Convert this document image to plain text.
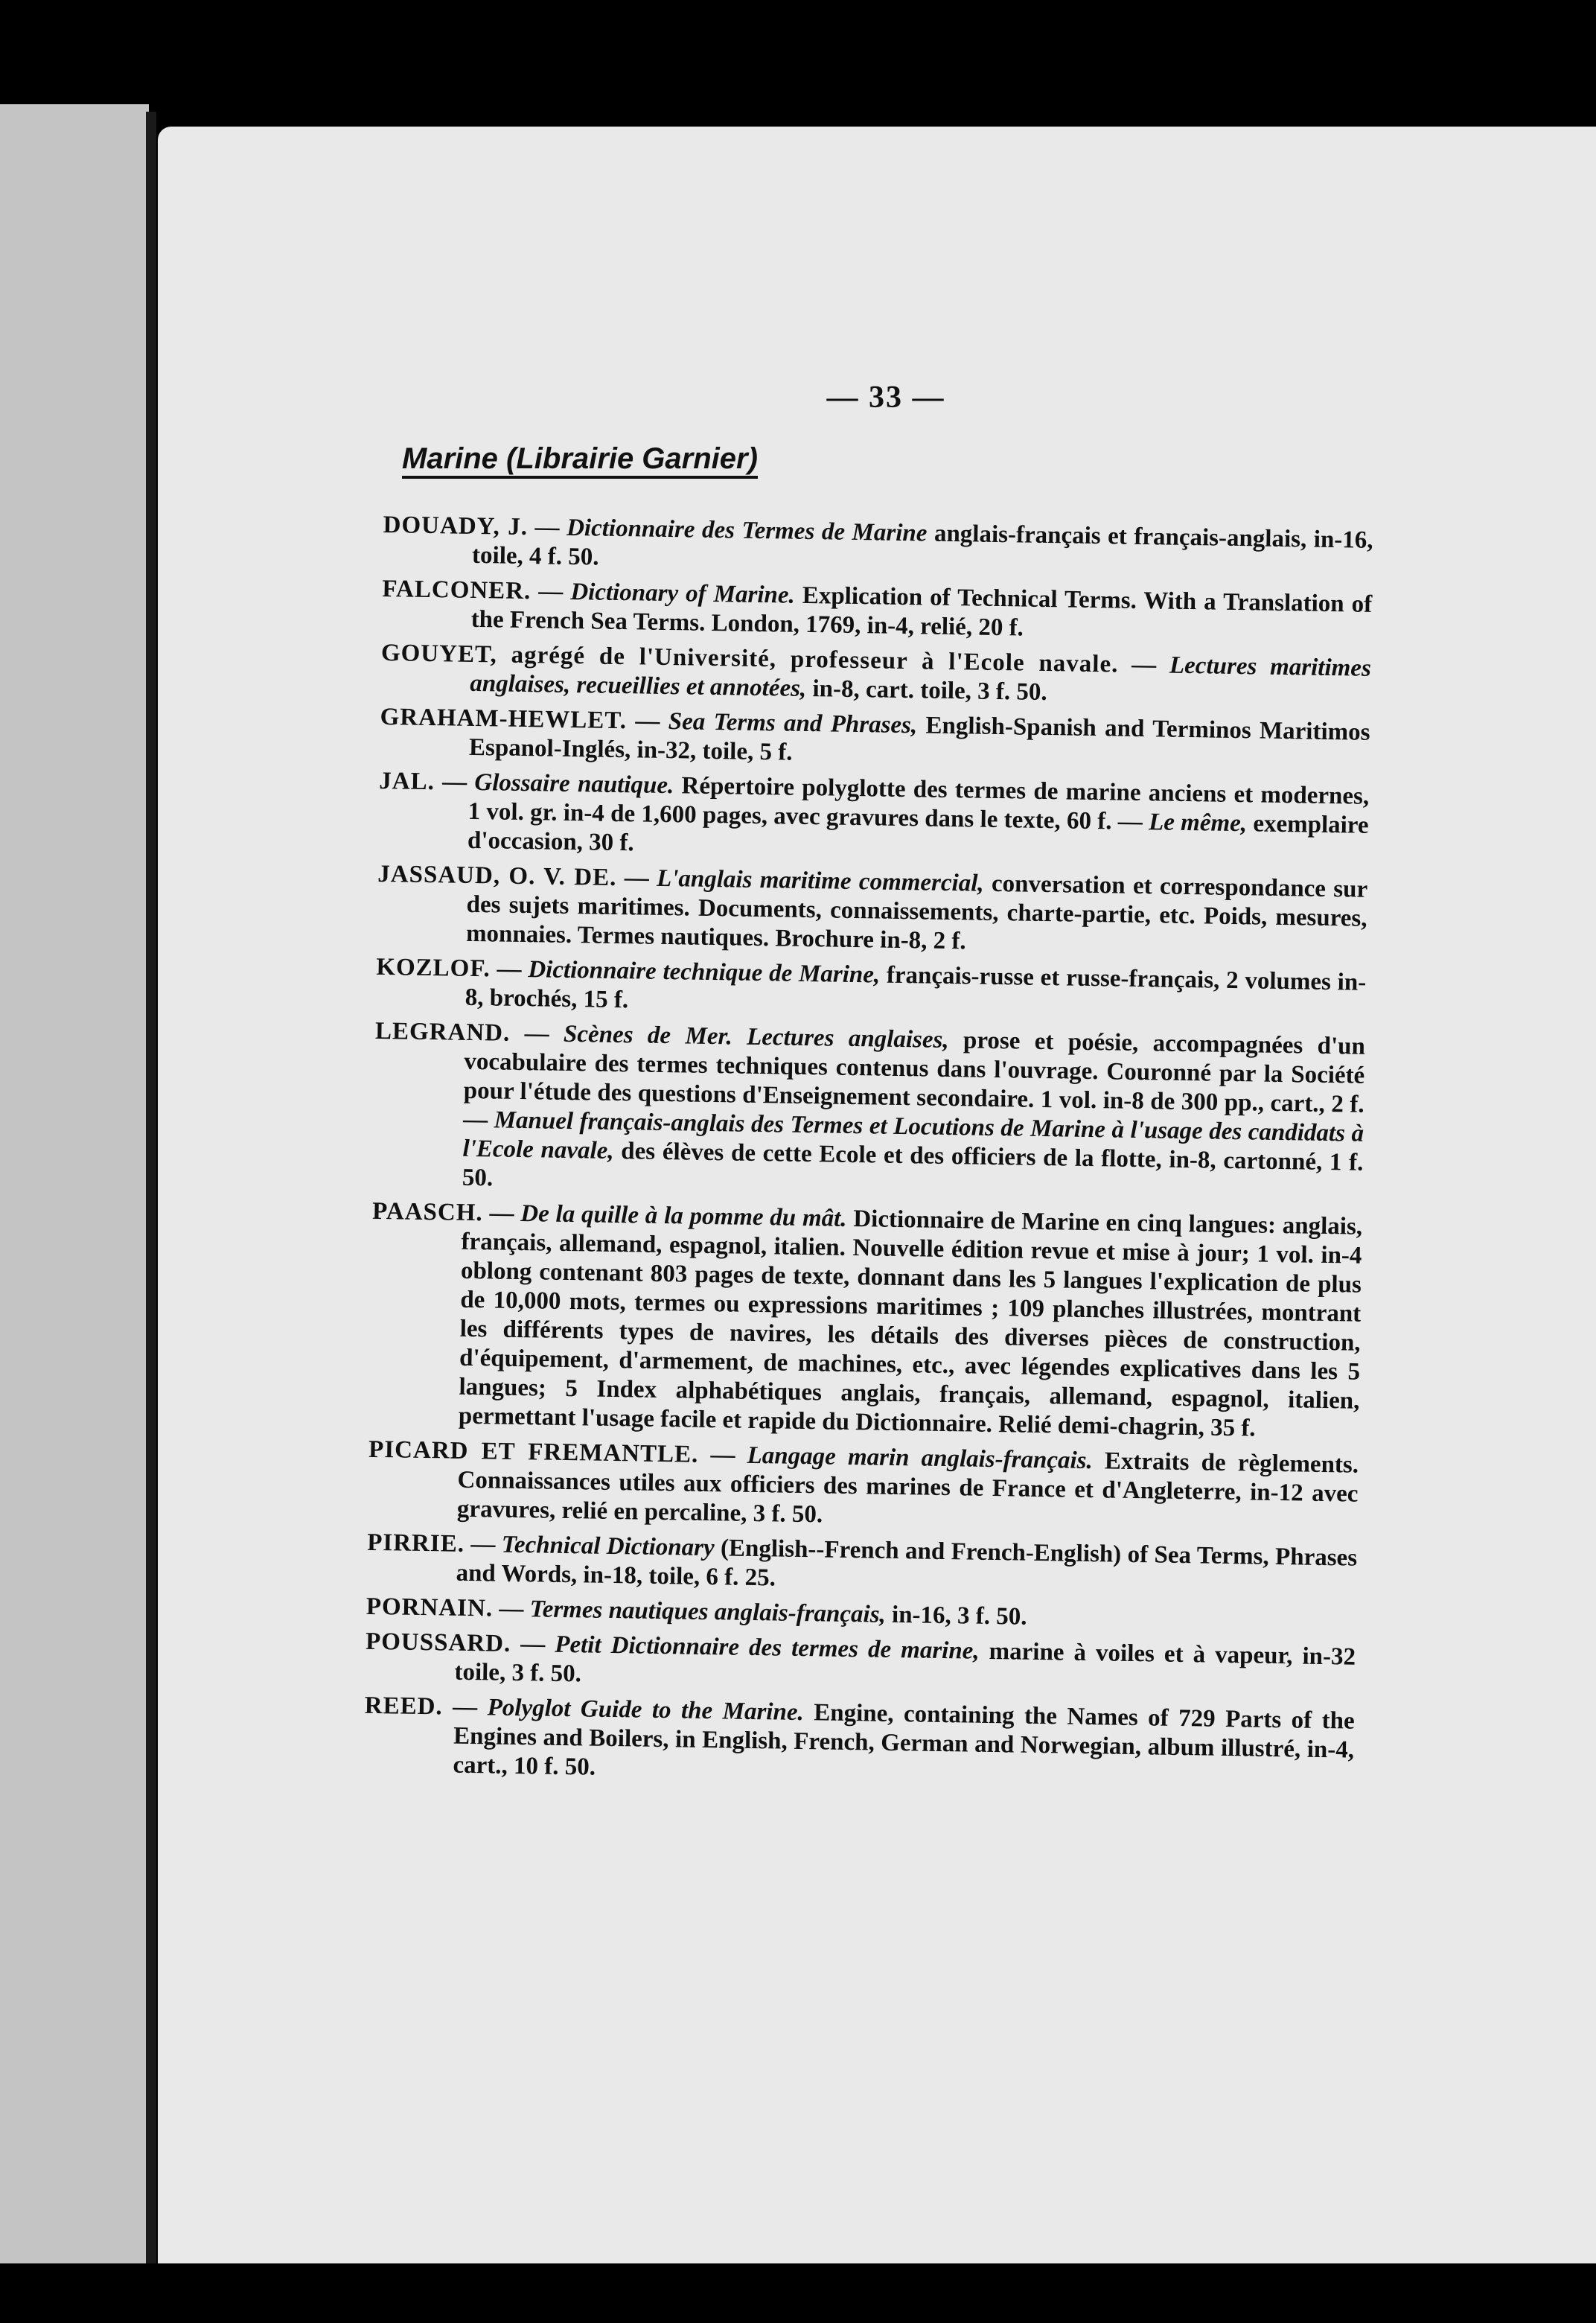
— 33 —
Marine (Librairie Garnier)

DOUADY, J. — Dictionnaire des Termes de Marine anglais-français et français-anglais, in-16, toile, 4 f. 50.

FALCONER. — Dictionary of Marine. Explication of Technical Terms. With a Translation of the French Sea Terms. London, 1769, in-4, relié, 20 f.

GOUYET, agrégé de l'Université, professeur à l'Ecole navale. — Lectures maritimes anglaises, recueillies et annotées, in-8, cart. toile, 3 f. 50.

GRAHAM-HEWLET. — Sea Terms and Phrases, English-Spanish and Terminos Maritimos Espanol-Inglés, in-32, toile, 5 f.

JAL. — Glossaire nautique. Répertoire polyglotte des termes de marine anciens et modernes, 1 vol. gr. in-4 de 1,600 pages, avec gravures dans le texte, 60 f. — Le même, exemplaire d'occasion, 30 f.

JASSAUD, O. V. DE. — L'anglais maritime commercial, conversation et correspondance sur des sujets maritimes. Documents, connaissements, charte-partie, etc. Poids, mesures, monnaies. Termes nautiques. Brochure in-8, 2 f.

KOZLOF. — Dictionnaire technique de Marine, français-russe et russe-français, 2 volumes in-8, brochés, 15 f.

LEGRAND. — Scènes de Mer. Lectures anglaises, prose et poésie, accompagnées d'un vocabulaire des termes techniques contenus dans l'ouvrage. Couronné par la Société pour l'étude des questions d'Enseignement secondaire. 1 vol. in-8 de 300 pp., cart., 2 f. — Manuel français-anglais des Termes et Locutions de Marine à l'usage des candidats à l'Ecole navale, des élèves de cette Ecole et des officiers de la flotte, in-8, cartonné, 1 f. 50.

PAASCH. — De la quille à la pomme du mât. Dictionnaire de Marine en cinq langues: anglais, français, allemand, espagnol, italien. Nouvelle édition revue et mise à jour; 1 vol. in-4 oblong contenant 803 pages de texte, donnant dans les 5 langues l'explication de plus de 10,000 mots, termes ou expressions maritimes ; 109 planches illustrées, montrant les différents types de navires, les détails des diverses pièces de construction, d'équipement, d'armement, de machines, etc., avec légendes explicatives dans les 5 langues; 5 Index alphabétiques anglais, français, allemand, espagnol, italien, permettant l'usage facile et rapide du Dictionnaire. Relié demi-chagrin, 35 f.

PICARD ET FREMANTLE. — Langage marin anglais-français. Extraits de règlements. Connaissances utiles aux officiers des marines de France et d'Angleterre, in-12 avec gravures, relié en percaline, 3 f. 50.

PIRRIE. — Technical Dictionary (English--French and French-English) of Sea Terms, Phrases and Words, in-18, toile, 6 f. 25.

PORNAIN. — Termes nautiques anglais-français, in-16, 3 f. 50.

POUSSARD. — Petit Dictionnaire des termes de marine, marine à voiles et à vapeur, in-32 toile, 3 f. 50.

REED. — Polyglot Guide to the Marine. Engine, containing the Names of 729 Parts of the Engines and Boilers, in English, French, German and Norwegian, album illustré, in-4, cart., 10 f. 50.
